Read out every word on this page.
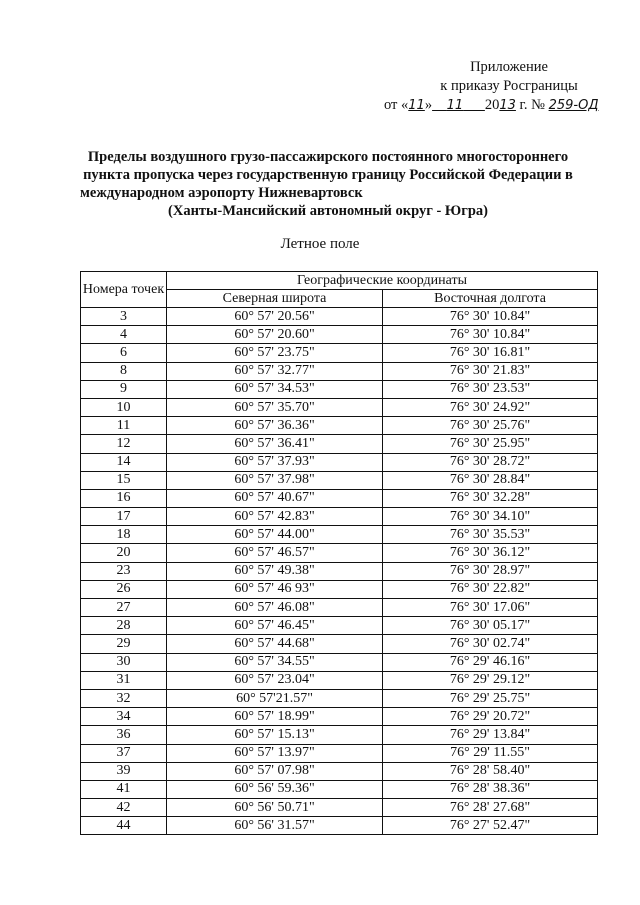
Приложение
к приказу Росграницы
от «11» 11 2013 г. № 259-ОД
Пределы воздушного грузо-пассажирского постоянного многостороннего
пункта пропуска через государственную границу Российской Федерации в
международном аэропорту Нижневартовск
(Ханты-Мансийский автономный округ - Югра)
Летное поле
Номера точек	Географические координаты	
	Северная широта	Восточная долгота
3	60° 57' 20.56"	76° 30' 10.84"
4	60° 57' 20.60"	76° 30' 10.84"
6	60° 57' 23.75"	76° 30' 16.81"
8	60° 57' 32.77"	76° 30' 21.83"
9	60° 57' 34.53"	76° 30' 23.53"
10	60° 57' 35.70"	76° 30' 24.92"
11	60° 57' 36.36"	76° 30' 25.76"
12	60° 57' 36.41"	76° 30' 25.95"
14	60° 57' 37.93"	76° 30' 28.72"
15	60° 57' 37.98"	76° 30' 28.84"
16	60° 57' 40.67"	76° 30' 32.28"
17	60° 57' 42.83"	76° 30' 34.10"
18	60° 57' 44.00"	76° 30' 35.53"
20	60° 57' 46.57"	76° 30' 36.12"
23	60° 57' 49.38"	76° 30' 28.97"
26	60° 57' 46 93"	76° 30' 22.82"
27	60° 57' 46.08"	76° 30' 17.06"
28	60° 57' 46.45"	76° 30' 05.17"
29	60° 57' 44.68"	76° 30' 02.74"
30	60° 57' 34.55"	76° 29' 46.16"
31	60° 57' 23.04"	76° 29' 29.12"
32	60° 57'21.57"	76° 29' 25.75"
34	60° 57' 18.99"	76° 29' 20.72"
36	60° 57' 15.13"	76° 29' 13.84"
37	60° 57' 13.97"	76° 29' 11.55"
39	60° 57' 07.98"	76° 28' 58.40"
41	60° 56' 59.36"	76° 28' 38.36"
42	60° 56' 50.71"	76° 28' 27.68"
44	60° 56' 31.57"	76° 27' 52.47"
